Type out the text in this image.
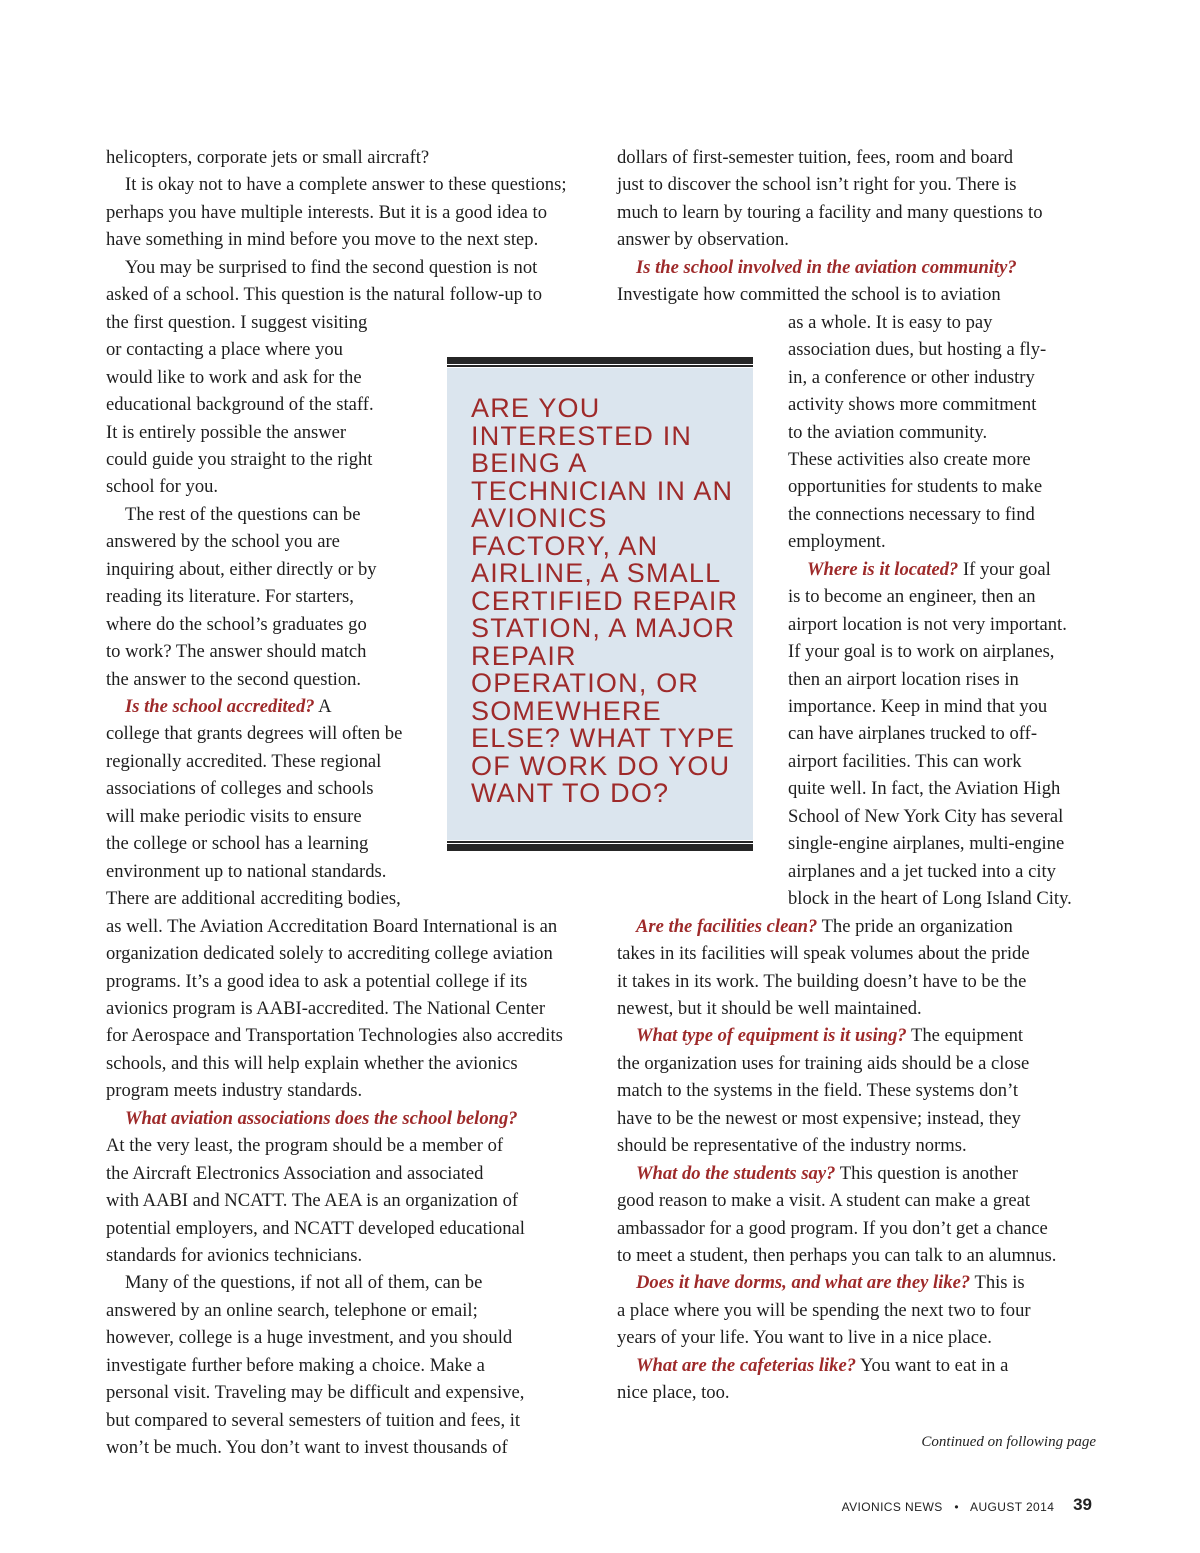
helicopters, corporate jets or small aircraft?
It is okay not to have a complete answer to these questions;
perhaps you have multiple interests. But it is a good idea to
have something in mind before you move to the next step.
You may be surprised to find the second question is not
asked of a school. This question is the natural follow-up to
the first question. I suggest visiting
or contacting a place where you
would like to work and ask for the
educational background of the staff.
It is entirely possible the answer
could guide you straight to the right
school for you.
The rest of the questions can be
answered by the school you are
inquiring about, either directly or by
reading its literature. For starters,
where do the school’s graduates go
to work? The answer should match
the answer to the second question.
Is the school accredited? A
college that grants degrees will often be
regionally accredited. These regional
associations of colleges and schools
will make periodic visits to ensure
the college or school has a learning
environment up to national standards.
There are additional accrediting bodies,
as well. The Aviation Accreditation Board International is an
organization dedicated solely to accrediting college aviation
programs. It’s a good idea to ask a potential college if its
avionics program is AABI-accredited. The National Center
for Aerospace and Transportation Technologies also accredits
schools, and this will help explain whether the avionics
program meets industry standards.
What aviation associations does the school belong?
At the very least, the program should be a member of
the Aircraft Electronics Association and associated
with AABI and NCATT. The AEA is an organization of
potential employers, and NCATT developed educational
standards for avionics technicians.
Many of the questions, if not all of them, can be
answered by an online search, telephone or email;
however, college is a huge investment, and you should
investigate further before making a choice. Make a
personal visit. Traveling may be difficult and expensive,
but compared to several semesters of tuition and fees, it
won’t be much. You don’t want to invest thousands of
dollars of first-semester tuition, fees, room and board
just to discover the school isn’t right for you. There is
much to learn by touring a facility and many questions to
answer by observation.
Is the school involved in the aviation community?
Investigate how committed the school is to aviation
as a whole. It is easy to pay
association dues, but hosting a fly-
in, a conference or other industry
activity shows more commitment
to the aviation community.
These activities also create more
opportunities for students to make
the connections necessary to find
employment.
Where is it located? If your goal
is to become an engineer, then an
airport location is not very important.
If your goal is to work on airplanes,
then an airport location rises in
importance. Keep in mind that you
can have airplanes trucked to off-
airport facilities. This can work
quite well. In fact, the Aviation High
School of New York City has several
single-engine airplanes, multi-engine
airplanes and a jet tucked into a city
block in the heart of Long Island City.
Are the facilities clean? The pride an organization
takes in its facilities will speak volumes about the pride
it takes in its work. The building doesn’t have to be the
newest, but it should be well maintained.
What type of equipment is it using? The equipment
the organization uses for training aids should be a close
match to the systems in the field. These systems don’t
have to be the newest or most expensive; instead, they
should be representative of the industry norms.
What do the students say? This question is another
good reason to make a visit. A student can make a great
ambassador for a good program. If you don’t get a chance
to meet a student, then perhaps you can talk to an alumnus.
Does it have dorms, and what are they like? This is
a place where you will be spending the next two to four
years of your life. You want to live in a nice place.
What are the cafeterias like? You want to eat in a
nice place, too.
ARE YOU INTERESTED IN BEING A TECHNICIAN IN AN AVIONICS FACTORY, AN AIRLINE, A SMALL CERTIFIED REPAIR STATION, A MAJOR REPAIR OPERATION, OR SOMEWHERE ELSE? WHAT TYPE OF WORK DO YOU WANT TO DO?
Continued on following page
AVIONICS NEWS • AUGUST 2014	39
